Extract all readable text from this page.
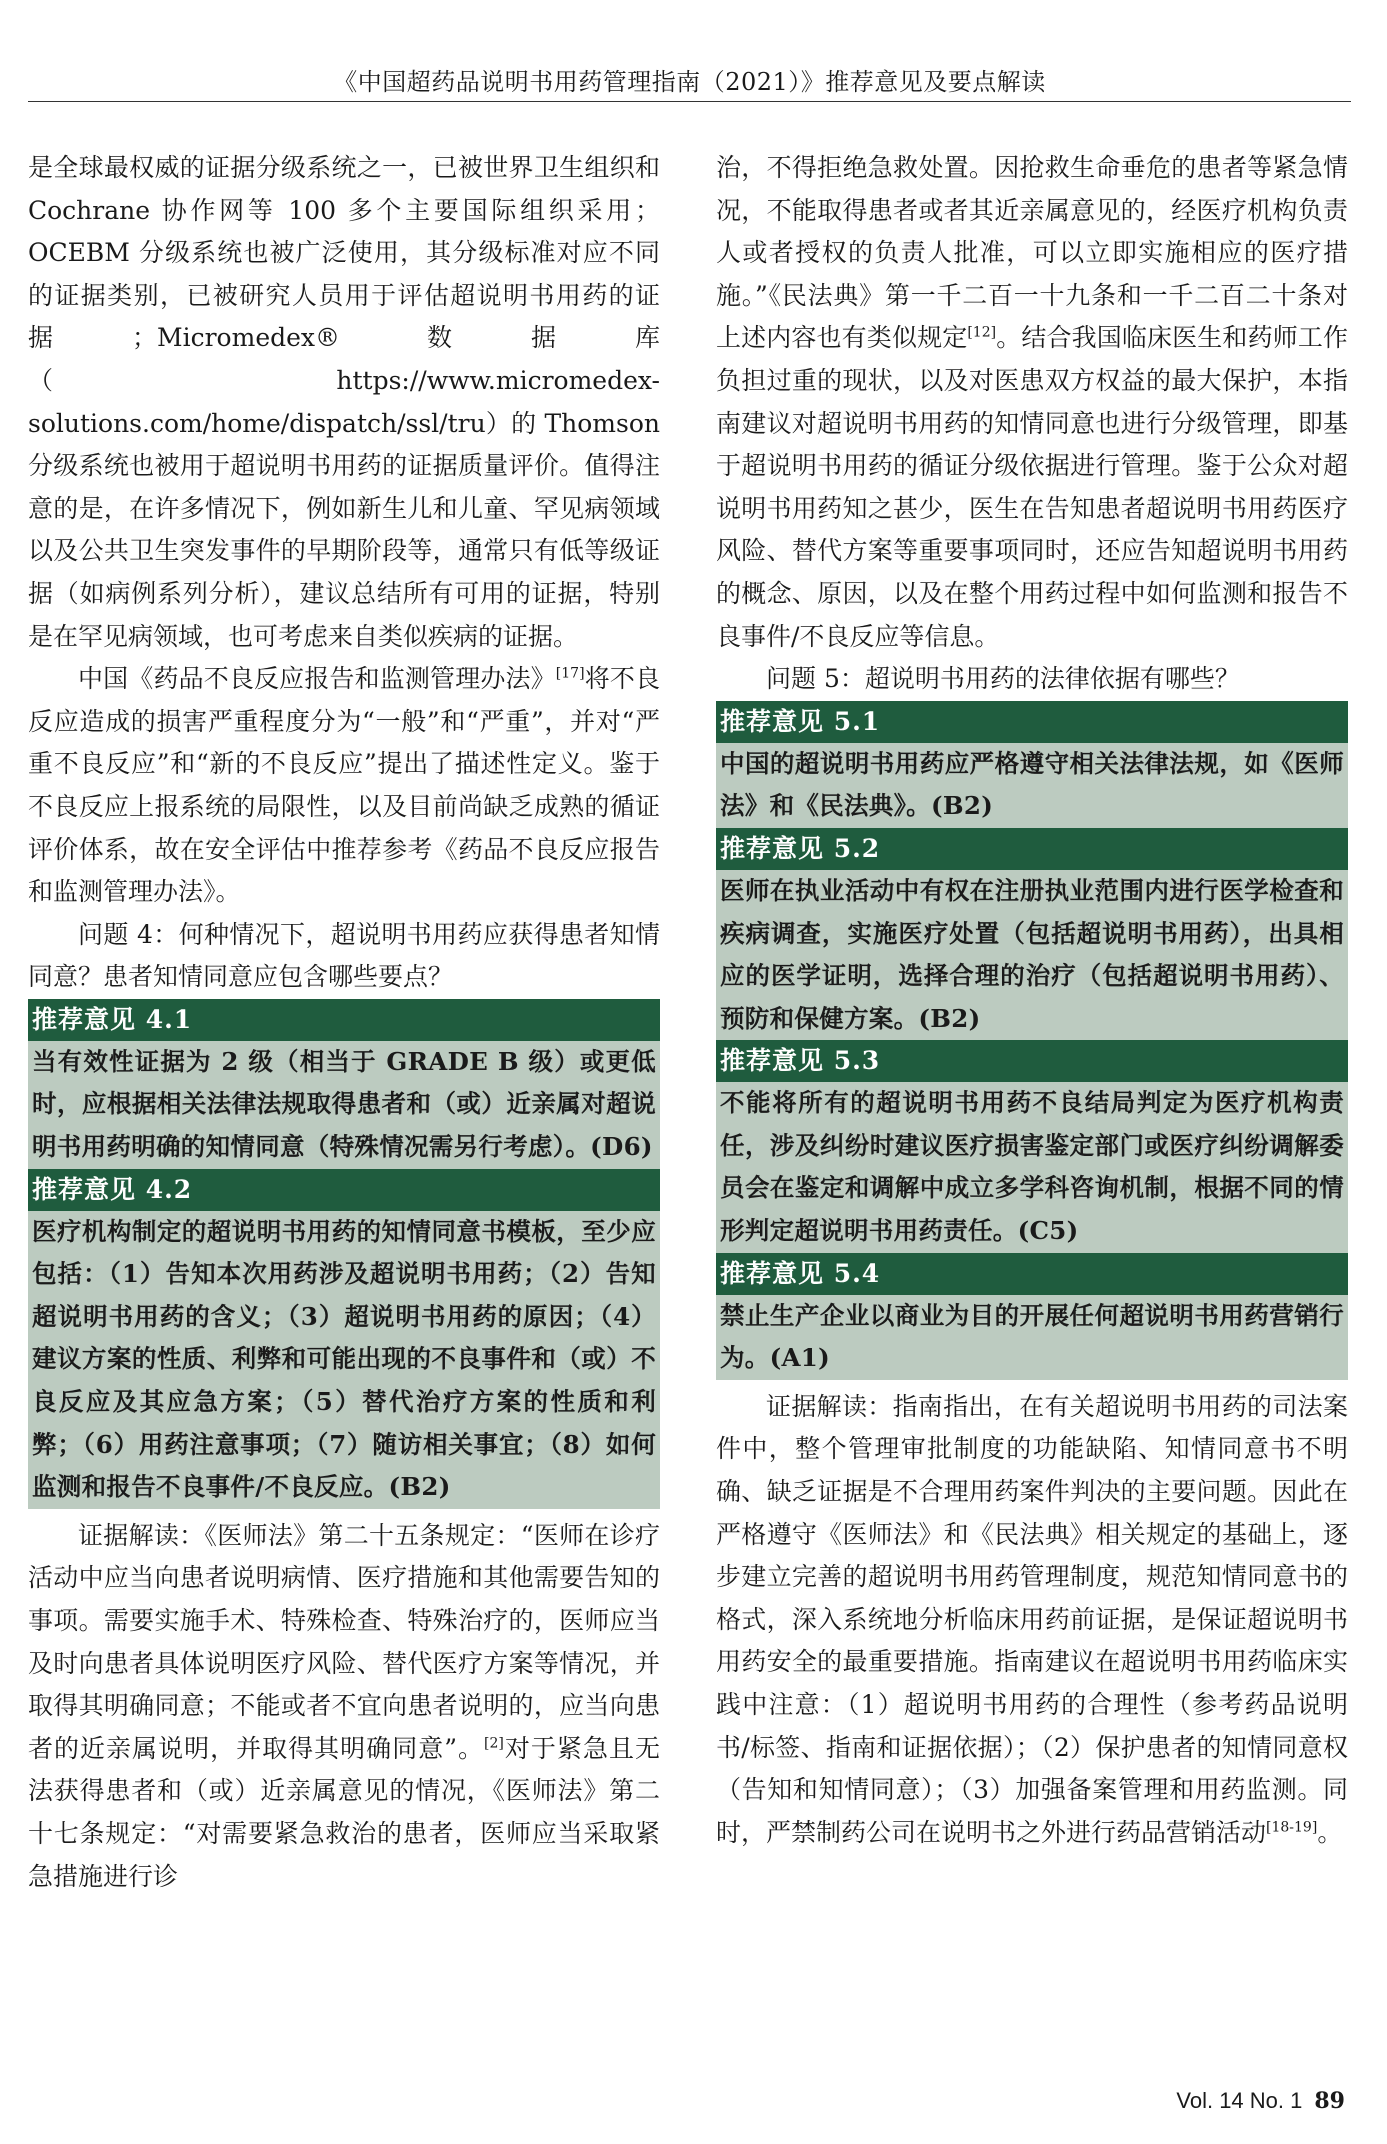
《中国超药品说明书用药管理指南（2021）》推荐意见及要点解读

是全球最权威的证据分级系统之一，已被世界卫生组织和 Cochrane 协作网等 100 多个主要国际组织采用；OCEBM 分级系统也被广泛使用，其分级标准对应不同的证据类别，已被研究人员用于评估超说明书用药的证据；Micromedex® 数据库（https://www.micromedex-solutions.com/home/dispatch/ssl/tru）的 Thomson 分级系统也被用于超说明书用药的证据质量评价。值得注意的是，在许多情况下，例如新生儿和儿童、罕见病领域以及公共卫生突发事件的早期阶段等，通常只有低等级证据（如病例系列分析），建议总结所有可用的证据，特别是在罕见病领域，也可考虑来自类似疾病的证据。

中国《药品不良反应报告和监测管理办法》[17]将不良反应造成的损害严重程度分为“一般”和“严重”，并对“严重不良反应”和“新的不良反应”提出了描述性定义。鉴于不良反应上报系统的局限性，以及目前尚缺乏成熟的循证评价体系，故在安全评估中推荐参考《药品不良反应报告和监测管理办法》。

问题 4：何种情况下，超说明书用药应获得患者知情同意？患者知情同意应包含哪些要点？

推荐意见 4.1
当有效性证据为 2 级（相当于 GRADE B 级）或更低时，应根据相关法律法规取得患者和（或）近亲属对超说明书用药明确的知情同意（特殊情况需另行考虑）。(D6)
推荐意见 4.2
医疗机构制定的超说明书用药的知情同意书模板，至少应包括：（1）告知本次用药涉及超说明书用药；（2）告知超说明书用药的含义；（3）超说明书用药的原因；（4）建议方案的性质、利弊和可能出现的不良事件和（或）不良反应及其应急方案；（5）替代治疗方案的性质和利弊；（6）用药注意事项；（7）随访相关事宜；（8）如何监测和报告不良事件/不良反应。(B2)

证据解读：《医师法》第二十五条规定：“医师在诊疗活动中应当向患者说明病情、医疗措施和其他需要告知的事项。需要实施手术、特殊检查、特殊治疗的，医师应当及时向患者具体说明医疗风险、替代医疗方案等情况，并取得其明确同意；不能或者不宜向患者说明的，应当向患者的近亲属说明，并取得其明确同意”。[2]对于紧急且无法获得患者和（或）近亲属意见的情况，《医师法》第二十七条规定：“对需要紧急救治的患者，医师应当采取紧急措施进行诊

治，不得拒绝急救处置。因抢救生命垂危的患者等紧急情况，不能取得患者或者其近亲属意见的，经医疗机构负责人或者授权的负责人批准，可以立即实施相应的医疗措施。”《民法典》第一千二百一十九条和一千二百二十条对上述内容也有类似规定[12]。结合我国临床医生和药师工作负担过重的现状，以及对医患双方权益的最大保护，本指南建议对超说明书用药的知情同意也进行分级管理，即基于超说明书用药的循证分级依据进行管理。鉴于公众对超说明书用药知之甚少，医生在告知患者超说明书用药医疗风险、替代方案等重要事项同时，还应告知超说明书用药的概念、原因，以及在整个用药过程中如何监测和报告不良事件/不良反应等信息。

问题 5：超说明书用药的法律依据有哪些？

推荐意见 5.1
中国的超说明书用药应严格遵守相关法律法规，如《医师法》和《民法典》。(B2)
推荐意见 5.2
医师在执业活动中有权在注册执业范围内进行医学检查和疾病调查，实施医疗处置（包括超说明书用药），出具相应的医学证明，选择合理的治疗（包括超说明书用药）、预防和保健方案。(B2)
推荐意见 5.3
不能将所有的超说明书用药不良结局判定为医疗机构责任，涉及纠纷时建议医疗损害鉴定部门或医疗纠纷调解委员会在鉴定和调解中成立多学科咨询机制，根据不同的情形判定超说明书用药责任。(C5)
推荐意见 5.4
禁止生产企业以商业为目的开展任何超说明书用药营销行为。(A1)

证据解读：指南指出，在有关超说明书用药的司法案件中，整个管理审批制度的功能缺陷、知情同意书不明确、缺乏证据是不合理用药案件判决的主要问题。因此在严格遵守《医师法》和《民法典》相关规定的基础上，逐步建立完善的超说明书用药管理制度，规范知情同意书的格式，深入系统地分析临床用药前证据，是保证超说明书用药安全的最重要措施。指南建议在超说明书用药临床实践中注意：（1）超说明书用药的合理性（参考药品说明书/标签、指南和证据依据）；（2）保护患者的知情同意权（告知和知情同意）；（3）加强备案管理和用药监测。同时，严禁制药公司在说明书之外进行药品营销活动[18-19]。

Vol. 14 No. 1 89
